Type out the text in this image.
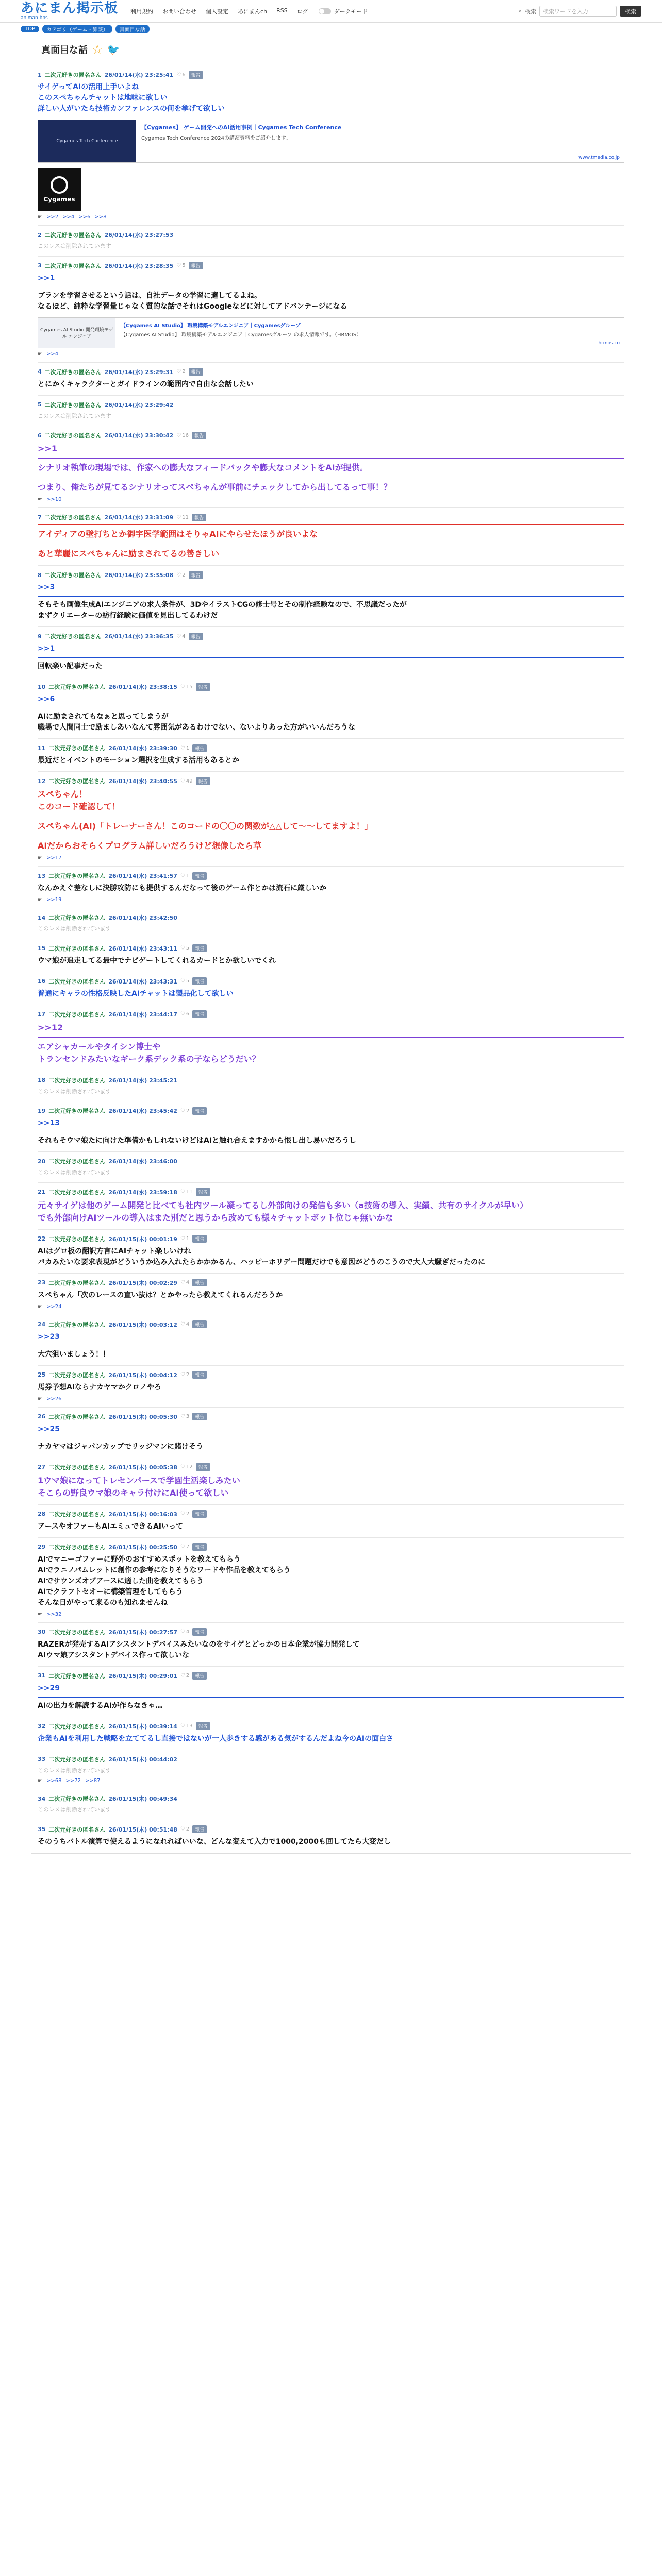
あにまん掲示板
animan bbs
利用規約 お問い合わせ 個人設定 あにまんch RSS ログ	ダークモード	⌕ 検索	検索ワードを入力	検索
TOP	カテゴリ（ゲーム・雑談）	真面目な話
真面目な話 ☆ 🐦
1 二次元好きの匿名さん 26/01/14(水) 23:25:41 ♡ 6	報告
サイゲってAIの活用上手いよね
このスペちゃんチャットは地味に欲しい
詳しい人がいたら技術カンファレンスの何を挙げて欲しい
Cygames Tech Conference
【Cygames】 ゲーム開発へのAI活用事例｜Cygames Tech Conference
Cygames Tech Conference 2024の講演資料をご紹介します。
www.tmedia.co.jp
Cygames
☛ >>2 >>4 >>6 >>8
2 二次元好きの匿名さん 26/01/14(水) 23:27:53
このレスは削除されています
3 二次元好きの匿名さん 26/01/14(水) 23:28:35 ♡ 5	報告
>>1
ブランを学習させるという話は、自社データの学習に適してるよね。
なるほど、純粋な学習量じゃなく質的な話でそれはGoogleなどに対してアドバンテージになる
Cygames AI Studio 開発環境モデル エンジニア
【Cygames AI Studio】 環境構築モデルエンジニア｜Cygamesグループ
【Cygames AI Studio】 環境構築モデルエンジニア｜Cygamesグループ の求人情報です。（HRMOS）
hrmos.co
☛ >>4
4 二次元好きの匿名さん 26/01/14(水) 23:29:31 ♡ 2	報告
とにかくキャラクターとガイドラインの範囲内で自由な会話したい
5 二次元好きの匿名さん 26/01/14(水) 23:29:42
このレスは削除されています
6 二次元好きの匿名さん 26/01/14(水) 23:30:42 ♡ 16	報告
>>1
シナリオ執筆の現場では、作家への膨大なフィードバックや膨大なコメントをAIが提供。
つまり、俺たちが見てるシナリオってスペちゃんが事前にチェックしてから出してるって事！？
☛ >>10
7 二次元好きの匿名さん 26/01/14(水) 23:31:09 ♡ 11	報告
アイディアの壁打ちとか御宇医学範囲はそりゃAIにやらせたほうが良いよな
あと華麗にスペちゃんに励まされてるの善きしい
8 二次元好きの匿名さん 26/01/14(水) 23:35:08 ♡ 2	報告
>>3
そもそも画像生成AIエンジニアの求人条件が、3DやイラストCGの修士号とその制作経験なので、不思議だったが
まずクリエーターの紡行経験に価値を見出してるわけだ
9 二次元好きの匿名さん 26/01/14(水) 23:36:35 ♡ 4	報告
>>1
回転楽い記事だった
10 二次元好きの匿名さん 26/01/14(水) 23:38:15 ♡ 15	報告
>>6
AIに励まされてもなぁと思ってしまうが
職場で人間同士で励ましあいなんて雰囲気があるわけでない、ないよりあった方がいいんだろうな
11 二次元好きの匿名さん 26/01/14(水) 23:39:30 ♡ 1	報告
最近だとイベントのモーション選択を生成する活用もあるとか
12 二次元好きの匿名さん 26/01/14(水) 23:40:55 ♡ 49	報告
スペちゃん！
このコード確認して！
スペちゃん(AI)「トレーナーさん！このコードの〇〇の関数が△△して〜〜してますよ！」
AIだからおそらくプログラム詳しいだろうけど想像したら草
☛ >>17
13 二次元好きの匿名さん 26/01/14(水) 23:41:57 ♡ 1	報告
なんかえぐ差なしに決勝攻防にも提供するんだなって後のゲーム作とかは流石に厳しいか
☛ >>19
14 二次元好きの匿名さん 26/01/14(水) 23:42:50
このレスは削除されています
15 二次元好きの匿名さん 26/01/14(水) 23:43:11 ♡ 5	報告
ウマ娘が追走してる最中でナビゲートしてくれるカードとか欲しいでくれ
16 二次元好きの匿名さん 26/01/14(水) 23:43:31 ♡ 5	報告
普通にキャラの性格反映したAIチャットは製品化して欲しい
17 二次元好きの匿名さん 26/01/14(水) 23:44:17 ♡ 6	報告
>>12
エアシャカールやタイシン博士や
トランセンドみたいなギーク系デック系の子ならどうだい？
18 二次元好きの匿名さん 26/01/14(水) 23:45:21
このレスは削除されています
19 二次元好きの匿名さん 26/01/14(水) 23:45:42 ♡ 2	報告
>>13
それもそウマ娘たに向けた準備かもしれないけどはAIと触れ合えますかから恨し出し易いだろうし
20 二次元好きの匿名さん 26/01/14(水) 23:46:00
このレスは削除されています
21 二次元好きの匿名さん 26/01/14(水) 23:59:18 ♡ 11	報告
元々サイゲは他のゲーム開発と比べても社内ツール凝ってるし外部向けの発信も多い（a技術の導入、実績、共有のサイクルが早い）
でも外部向けAIツールの導入はまた別だと思うから改めても様々チャットボット位じゃ無いかな
22 二次元好きの匿名さん 26/01/15(木) 00:01:19 ♡ 1	報告
AIはグロ板の翻訳方言にAIチャット楽しいけれ
バカみたいな要求表現がどういうか込み入れたらかかかるん、ハッピーホリデー問題だけでも意図がどうのこうので大人大騒ぎだったのに
23 二次元好きの匿名さん 26/01/15(木) 00:02:29 ♡ 4	報告
スペちゃん「次のレースの直い抜は？とかやったら教えてくれるんだろうか
☛ >>24
24 二次元好きの匿名さん 26/01/15(木) 00:03:12 ♡ 4	報告
>>23
大穴狙いましょう！！
25 二次元好きの匿名さん 26/01/15(木) 00:04:12 ♡ 2	報告
馬券予想AIならナカヤマかクロノやろ
☛ >>26
26 二次元好きの匿名さん 26/01/15(木) 00:05:30 ♡ 3	報告
>>25
ナカヤマはジャパンカップでリッジマンに賭けそう
27 二次元好きの匿名さん 26/01/15(木) 00:05:38 ♡ 12	報告
1ウマ娘になってトレセンパースで学園生活楽しみたい
そこらの野良ウマ娘のキャラ付けにAI使って欲しい
28 二次元好きの匿名さん 26/01/15(木) 00:16:03 ♡ 2	報告
アースやオファーもAIエミュできるAIいって
29 二次元好きの匿名さん 26/01/15(木) 00:25:50 ♡ 7	報告
AIでマニーゴファーに野外のおすすめスポットを教えてもらう
AIでラニノパムレットに創作の参考になりそうなワードや作品を教えてもらう
AIでサウンズオブアースに適した曲を教えてもらう
AIでクラフトセオーに構築管理をしてもらう
そんな日がやって来るのも知れませんね
☛ >>32
30 二次元好きの匿名さん 26/01/15(木) 00:27:57 ♡ 4	報告
RAZERが発売するAIアシスタントデバイスみたいなのをサイゲとどっかの日本企業が協力開発して
AIウマ娘アシスタントデバイス作って欲しいな
31 二次元好きの匿名さん 26/01/15(木) 00:29:01 ♡ 2	報告
>>29
AIの出力を解読するAIが作らなきゃ…
32 二次元好きの匿名さん 26/01/15(木) 00:39:14 ♡ 13	報告
企業もAIを利用した戦略を立ててるし直接ではないが一人歩きする感がある気がするんだよね今のAIの面白さ
33 二次元好きの匿名さん 26/01/15(木) 00:44:02
このレスは削除されています
☛ >>68 >>72 >>87
34 二次元好きの匿名さん 26/01/15(木) 00:49:34
このレスは削除されています
35 二次元好きの匿名さん 26/01/15(木) 00:51:48 ♡ 2	報告
そのうちバトル演算で使えるようになれればいいな、どんな変えて入力で1000,2000も回してたら大変だし
